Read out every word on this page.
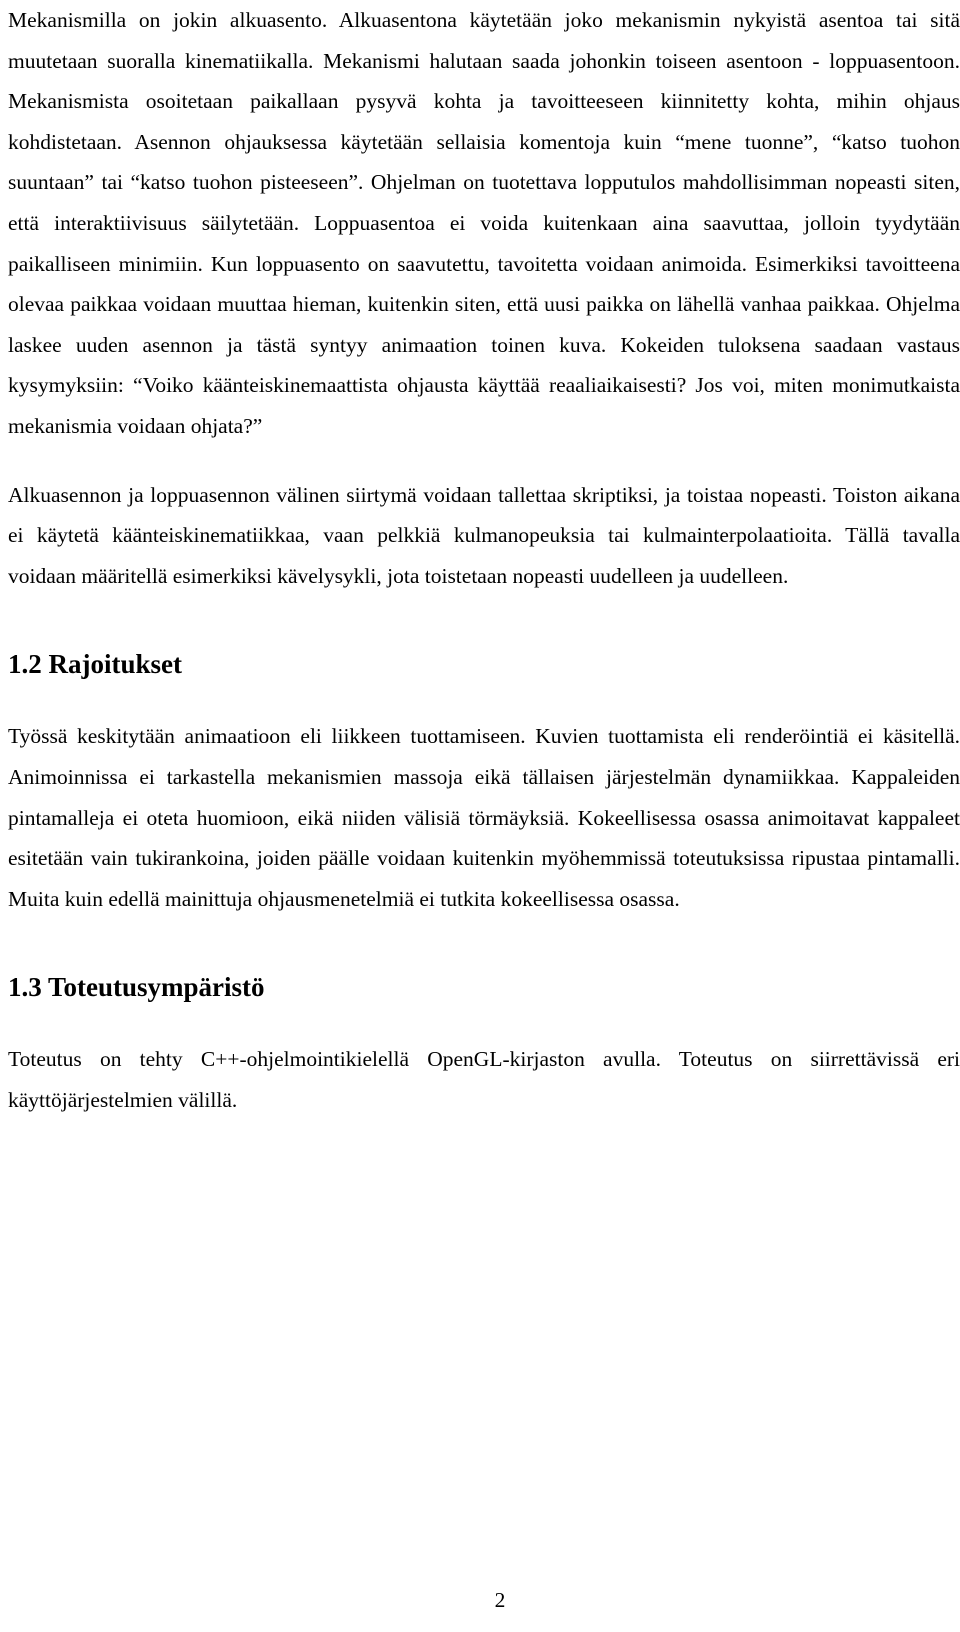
Mekanismilla on jokin alkuasento. Alkuasentona käytetään joko mekanismin nykyistä asentoa tai sitä muutetaan suoralla kinematiikalla. Mekanismi halutaan saada johonkin toiseen asentoon - loppuasentoon. Mekanismista osoitetaan paikallaan pysyvä kohta ja tavoitteeseen kiinnitetty kohta, mihin ohjaus kohdistetaan. Asennon ohjauksessa käytetään sellaisia komentoja kuin “mene tuonne”, “katso tuohon suuntaan” tai “katso tuohon pisteeseen”. Ohjelman on tuotettava lopputulos mahdollisimman nopeasti siten, että interaktiivisuus säilytetään. Loppuasentoa ei voida kuitenkaan aina saavuttaa, jolloin tyydytään paikalliseen minimiin. Kun loppuasento on saavutettu, tavoitetta voidaan animoida. Esimerkiksi tavoitteena olevaa paikkaa voidaan muuttaa hieman, kuitenkin siten, että uusi paikka on lähellä vanhaa paikkaa. Ohjelma laskee uuden asennon ja tästä syntyy animaation toinen kuva. Kokeiden tuloksena saadaan vastaus kysymyksiin: “Voiko käänteiskinemaattista ohjausta käyttää reaaliaikaisesti? Jos voi, miten monimutkaista mekanismia voidaan ohjata?”

Alkuasennon ja loppuasennon välinen siirtymä voidaan tallettaa skriptiksi, ja toistaa nopeasti. Toiston aikana ei käytetä käänteiskinematiikkaa, vaan pelkkiä kulmanopeuksia tai kulmainterpolaatioita. Tällä tavalla voidaan määritellä esimerkiksi kävelysykli, jota toistetaan nopeasti uudelleen ja uudelleen.

1.2 Rajoitukset

Työssä keskitytään animaatioon eli liikkeen tuottamiseen. Kuvien tuottamista eli renderöintiä ei käsitellä. Animoinnissa ei tarkastella mekanismien massoja eikä tällaisen järjestelmän dynamiikkaa. Kappaleiden pintamalleja ei oteta huomioon, eikä niiden välisiä törmäyksiä. Kokeellisessa osassa animoitavat kappaleet esitetään vain tukirankoina, joiden päälle voidaan kuitenkin myöhemmissä toteutuksissa ripustaa pintamalli. Muita kuin edellä mainittuja ohjausmenetelmiä ei tutkita kokeellisessa osassa.

1.3 Toteutusympäristö

Toteutus on tehty C++-ohjelmointikielellä OpenGL-kirjaston avulla. Toteutus on siirrettävissä eri käyttöjärjestelmien välillä.

2
